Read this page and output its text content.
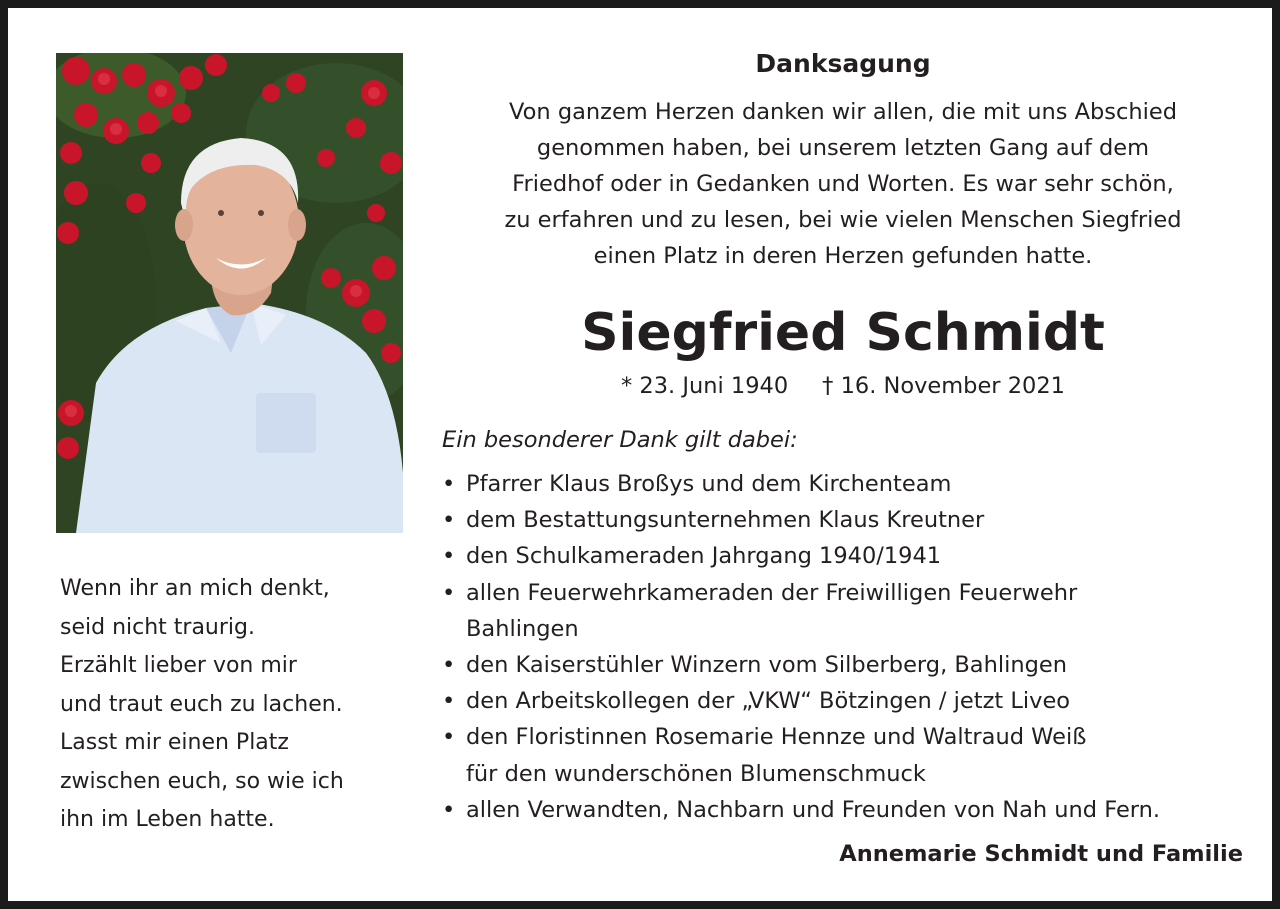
Wenn ihr an mich denkt,
seid nicht traurig.
Erzählt lieber von mir
und traut euch zu lachen.
Lasst mir einen Platz
zwischen euch, so wie ich
ihn im Leben hatte.
Danksagung
Von ganzem Herzen danken wir allen, die mit uns Abschied
genommen haben, bei unserem letzten Gang auf dem
Friedhof oder in Gedanken und Worten. Es war sehr schön,
zu erfahren und zu lesen, bei wie vielen Menschen Siegfried
einen Platz in deren Herzen gefunden hatte.
Siegfried Schmidt
* 23. Juni 1940 † 16. November 2021
Ein besonderer Dank gilt dabei:
• Pfarrer Klaus Broßys und dem Kirchenteam
• dem Bestattungsunternehmen Klaus Kreutner
• den Schulkameraden Jahrgang 1940/1941
• allen Feuerwehrkameraden der Freiwilligen Feuerwehr
Bahlingen
• den Kaiserstühler Winzern vom Silberberg, Bahlingen
• den Arbeitskollegen der „VKW“ Bötzingen / jetzt Liveo
• den Floristinnen Rosemarie Hennze und Waltraud Weiß
für den wunderschönen Blumenschmuck
• allen Verwandten, Nachbarn und Freunden von Nah und Fern.
Annemarie Schmidt und Familie
